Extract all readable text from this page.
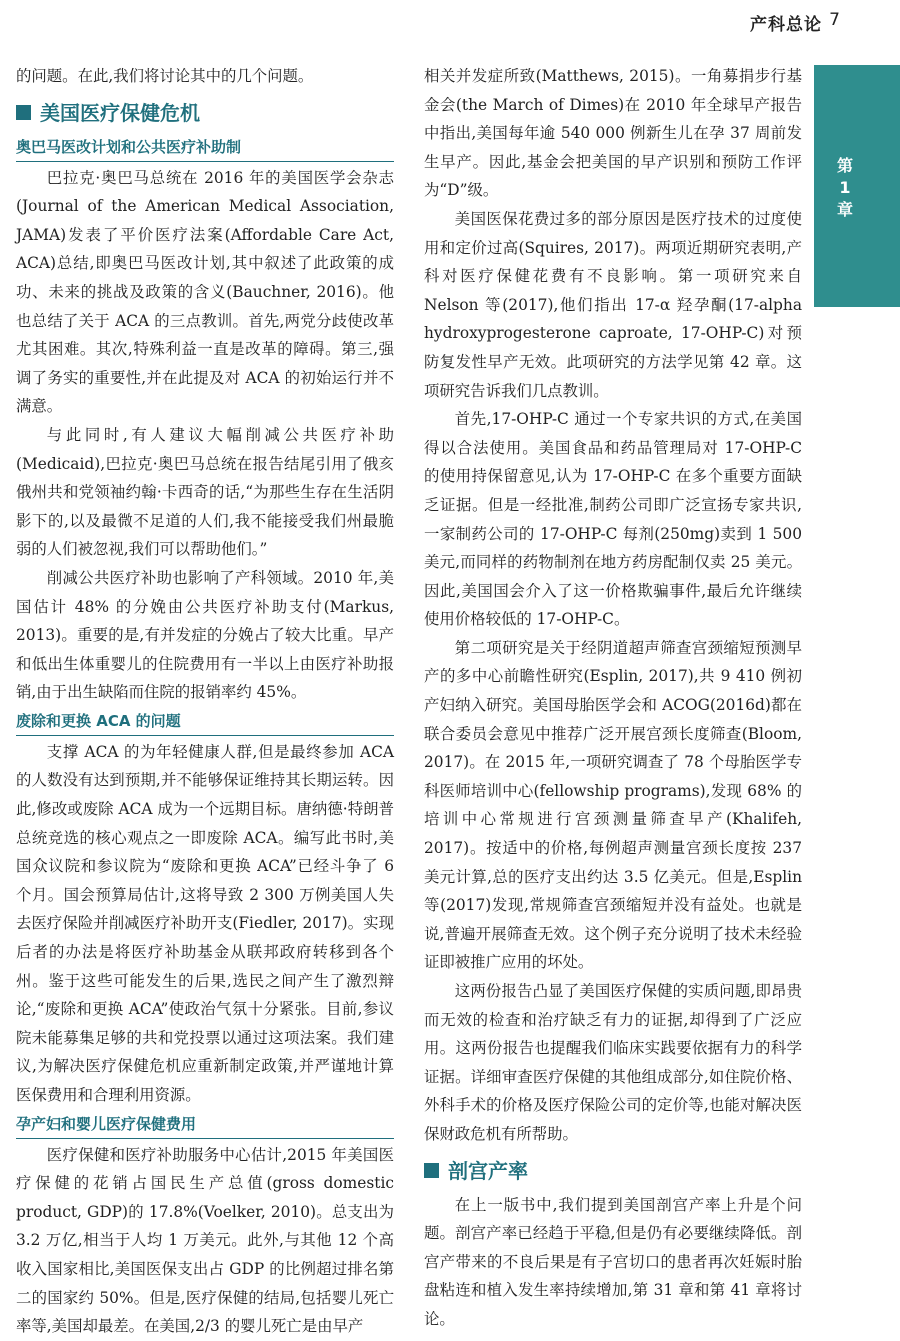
产科总论 7
第1章

的问题。在此,我们将讨论其中的几个问题。

美国医疗保健危机
奥巴马医改计划和公共医疗补助制

巴拉克·奥巴马总统在 2016 年的美国医学会杂志(Journal of the American Medical Association, JAMA)发表了平价医疗法案(Affordable Care Act, ACA)总结,即奥巴马医改计划,其中叙述了此政策的成功、未来的挑战及政策的含义(Bauchner, 2016)。他也总结了关于 ACA 的三点教训。首先,两党分歧使改革尤其困难。其次,特殊利益一直是改革的障碍。第三,强调了务实的重要性,并在此提及对 ACA 的初始运行并不满意。

与此同时,有人建议大幅削减公共医疗补助(Medicaid),巴拉克·奥巴马总统在报告结尾引用了俄亥俄州共和党领袖约翰·卡西奇的话,“为那些生存在生活阴影下的,以及最微不足道的人们,我不能接受我们州最脆弱的人们被忽视,我们可以帮助他们。”

削减公共医疗补助也影响了产科领域。2010 年,美国估计 48% 的分娩由公共医疗补助支付(Markus, 2013)。重要的是,有并发症的分娩占了较大比重。早产和低出生体重婴儿的住院费用有一半以上由医疗补助报销,由于出生缺陷而住院的报销率约 45%。

废除和更换 ACA 的问题

支撑 ACA 的为年轻健康人群,但是最终参加 ACA 的人数没有达到预期,并不能够保证维持其长期运转。因此,修改或废除 ACA 成为一个远期目标。唐纳德·特朗普总统竞选的核心观点之一即废除 ACA。编写此书时,美国众议院和参议院为“废除和更换 ACA”已经斗争了 6 个月。国会预算局估计,这将导致 2 300 万例美国人失去医疗保险并削减医疗补助开支(Fiedler, 2017)。实现后者的办法是将医疗补助基金从联邦政府转移到各个州。鉴于这些可能发生的后果,选民之间产生了激烈辩论,“废除和更换 ACA”使政治气氛十分紧张。目前,参议院未能募集足够的共和党投票以通过这项法案。我们建议,为解决医疗保健危机应重新制定政策,并严谨地计算医保费用和合理利用资源。

孕产妇和婴儿医疗保健费用

医疗保健和医疗补助服务中心估计,2015 年美国医疗保健的花销占国民生产总值(gross domestic product, GDP)的 17.8%(Voelker, 2010)。总支出为 3.2 万亿,相当于人均 1 万美元。此外,与其他 12 个高收入国家相比,美国医保支出占 GDP 的比例超过排名第二的国家约 50%。但是,医疗保健的结局,包括婴儿死亡率等,美国却最差。在美国,2/3 的婴儿死亡是由早产

相关并发症所致(Matthews, 2015)。一角募捐步行基金会(the March of Dimes)在 2010 年全球早产报告中指出,美国每年逾 540 000 例新生儿在孕 37 周前发生早产。因此,基金会把美国的早产识别和预防工作评为“D”级。

美国医保花费过多的部分原因是医疗技术的过度使用和定价过高(Squires, 2017)。两项近期研究表明,产科对医疗保健花费有不良影响。第一项研究来自 Nelson 等(2017),他们指出 17-α 羟孕酮(17-alpha hydroxyprogesterone caproate, 17-OHP-C)对预防复发性早产无效。此项研究的方法学见第 42 章。这项研究告诉我们几点教训。

首先,17-OHP-C 通过一个专家共识的方式,在美国得以合法使用。美国食品和药品管理局对 17-OHP-C 的使用持保留意见,认为 17-OHP-C 在多个重要方面缺乏证据。但是一经批准,制药公司即广泛宣扬专家共识,一家制药公司的 17-OHP-C 每剂(250mg)卖到 1 500 美元,而同样的药物制剂在地方药房配制仅卖 25 美元。因此,美国国会介入了这一价格欺骗事件,最后允许继续使用价格较低的 17-OHP-C。

第二项研究是关于经阴道超声筛查宫颈缩短预测早产的多中心前瞻性研究(Esplin, 2017),共 9 410 例初产妇纳入研究。美国母胎医学会和 ACOG(2016d)都在联合委员会意见中推荐广泛开展宫颈长度筛查(Bloom, 2017)。在 2015 年,一项研究调查了 78 个母胎医学专科医师培训中心(fellowship programs),发现 68% 的培训中心常规进行宫颈测量筛查早产(Khalifeh, 2017)。按适中的价格,每例超声测量宫颈长度按 237 美元计算,总的医疗支出约达 3.5 亿美元。但是,Esplin 等(2017)发现,常规筛查宫颈缩短并没有益处。也就是说,普遍开展筛查无效。这个例子充分说明了技术未经验证即被推广应用的坏处。

这两份报告凸显了美国医疗保健的实质问题,即昂贵而无效的检查和治疗缺乏有力的证据,却得到了广泛应用。这两份报告也提醒我们临床实践要依据有力的科学证据。详细审查医疗保健的其他组成部分,如住院价格、外科手术的价格及医疗保险公司的定价等,也能对解决医保财政危机有所帮助。

剖宫产率

在上一版书中,我们提到美国剖宫产率上升是个问题。剖宫产率已经趋于平稳,但是仍有必要继续降低。剖宫产带来的不良后果是有子宫切口的患者再次妊娠时胎盘粘连和植入发生率持续增加,第 31 章和第 41 章将讨论。
